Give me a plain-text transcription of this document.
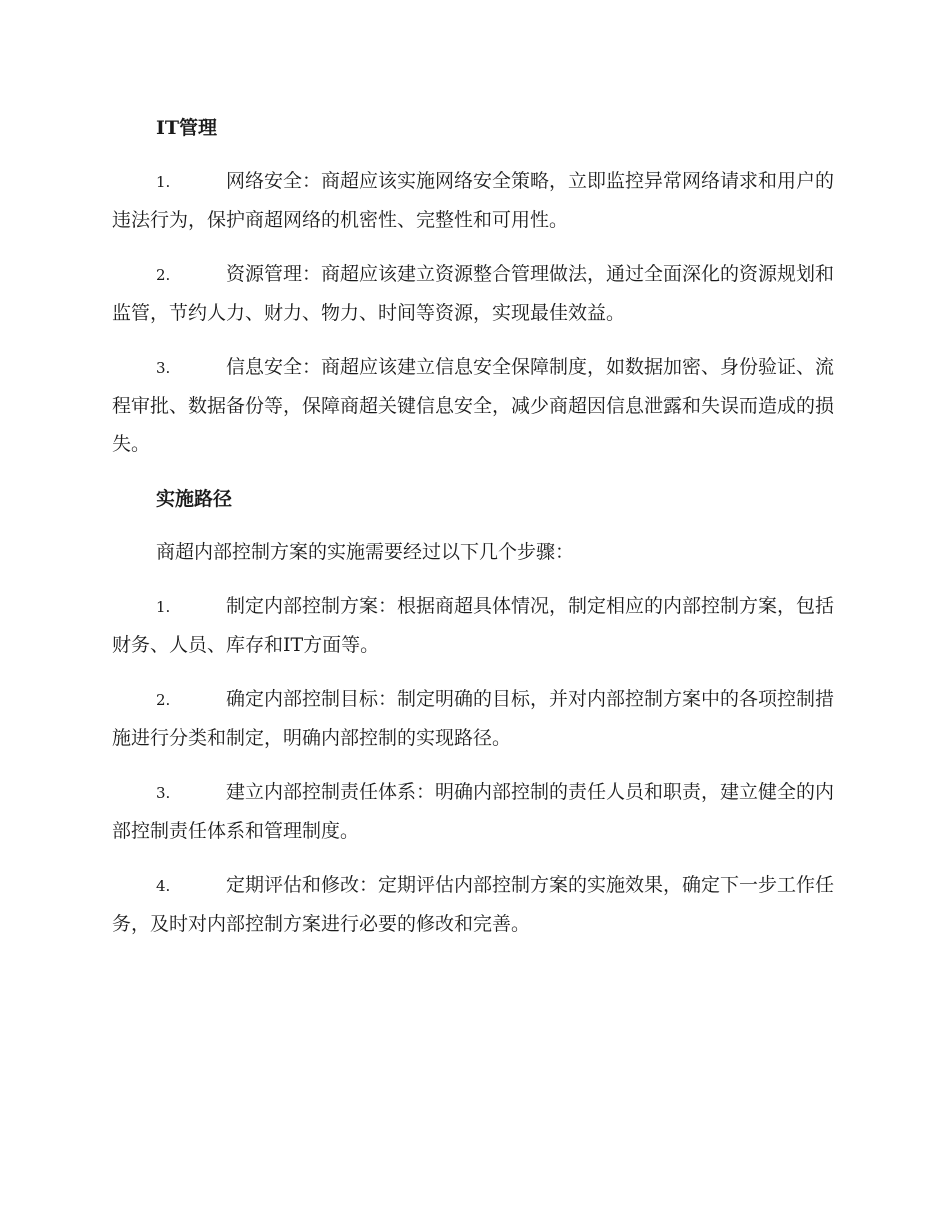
IT管理

1.	网络安全：商超应该实施网络安全策略，立即监控异常网络请求和用户的违法行为，保护商超网络的机密性、完整性和可用性。

2.	资源管理：商超应该建立资源整合管理做法，通过全面深化的资源规划和监管，节约人力、财力、物力、时间等资源，实现最佳效益。

3.	信息安全：商超应该建立信息安全保障制度，如数据加密、身份验证、流程审批、数据备份等，保障商超关键信息安全，减少商超因信息泄露和失误而造成的损失。

实施路径

商超内部控制方案的实施需要经过以下几个步骤：

1.	制定内部控制方案：根据商超具体情况，制定相应的内部控制方案，包括财务、人员、库存和IT方面等。

2.	确定内部控制目标：制定明确的目标，并对内部控制方案中的各项控制措施进行分类和制定，明确内部控制的实现路径。

3.	建立内部控制责任体系：明确内部控制的责任人员和职责，建立健全的内部控制责任体系和管理制度。

4.	定期评估和修改：定期评估内部控制方案的实施效果，确定下一步工作任务，及时对内部控制方案进行必要的修改和完善。
